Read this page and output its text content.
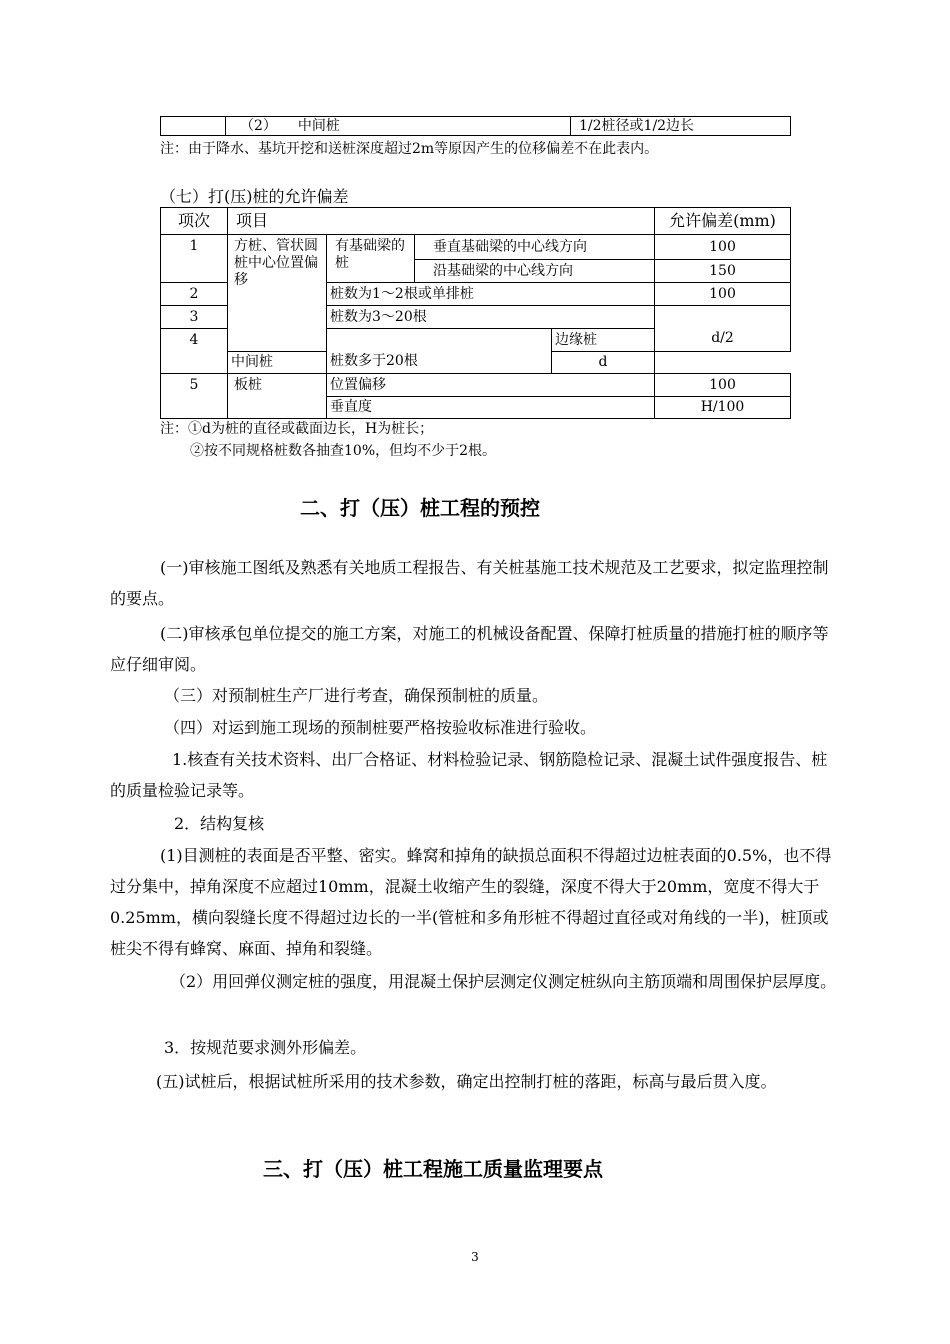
	（2）　　中间桩	1/2桩径或1/2边长
注：由于降水、基坑开挖和送桩深度超过2m等原因产生的位移偏差不在此表内。
（七）打(压)桩的允许偏差
项次	项目				允许偏差(mm)
1	方桩、管状圆桩中心位置偏移	有基础梁的桩	垂直基础梁的中心线方向		100
			沿基础梁的中心线方向		150
2		桩数为1～2根或单排桩			100
3		桩数为3～20根			d/2
4		桩数多于20根		边缘桩	
	中间桩			d	
5	板桩	位置偏移			100
		垂直度			H/100
注：①d为桩的直径或截面边长，H为桩长；
②按不同规格桩数各抽查10%，但均不少于2根。
二、打（压）桩工程的预控

(一)审核施工图纸及熟悉有关地质工程报告、有关桩基施工技术规范及工艺要求，拟定监理控制的要点。

(二)审核承包单位提交的施工方案，对施工的机械设备配置、保障打桩质量的措施打桩的顺序等应仔细审阅。

（三）对预制桩生产厂进行考查，确保预制桩的质量。

（四）对运到施工现场的预制桩要严格按验收标准进行验收。

1.核查有关技术资料、出厂合格证、材料检验记录、钢筋隐检记录、混凝土试件强度报告、桩的质量检验记录等。

2．结构复核

(1)目测桩的表面是否平整、密实。蜂窝和掉角的缺损总面积不得超过边桩表面的0.5%，也不得过分集中，掉角深度不应超过10mm，混凝土收缩产生的裂缝，深度不得大于20mm，宽度不得大于0.25mm，横向裂缝长度不得超过边长的一半(管桩和多角形桩不得超过直径或对角线的一半)，桩顶或桩尖不得有蜂窝、麻面、掉角和裂缝。

（2）用回弹仪测定桩的强度，用混凝土保护层测定仪测定桩纵向主筋顶端和周围保护层厚度。

3．按规范要求测外形偏差。

(五)试桩后，根据试桩所采用的技术参数，确定出控制打桩的落距，标高与最后贯入度。

三、打（压）桩工程施工质量监理要点
3
